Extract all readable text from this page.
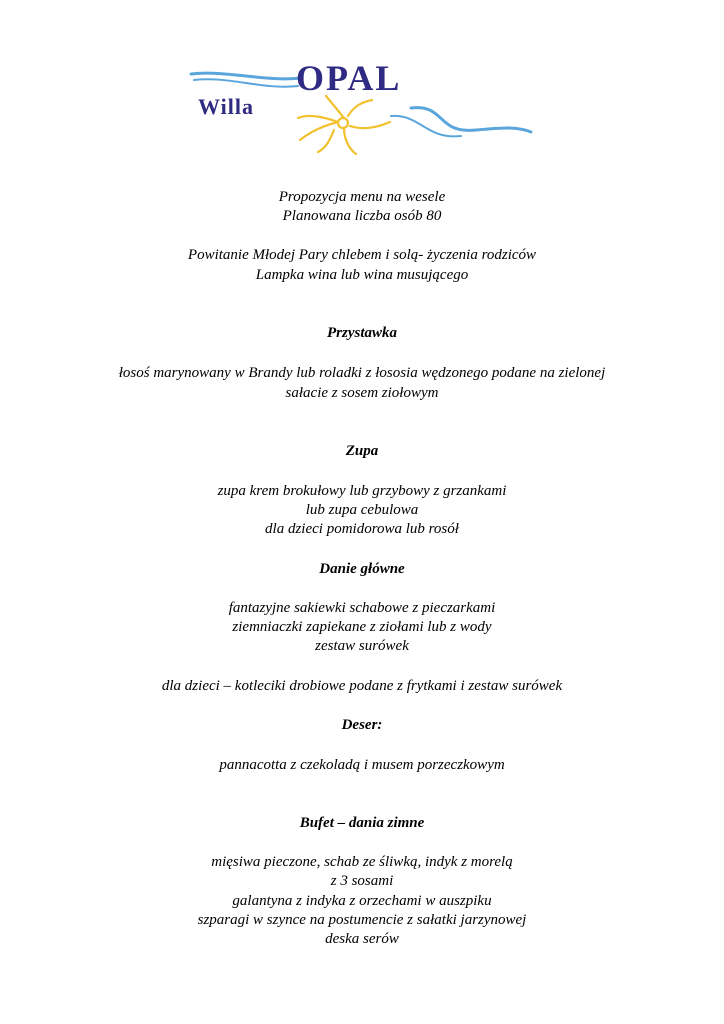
OPAL
Willa
Propozycja menu na wesele
Planowana liczba osób 80
Powitanie Młodej Pary chlebem i solą- życzenia rodziców
Lampka wina lub wina musującego
Przystawka
łosoś marynowany w Brandy lub roladki z łososia wędzonego podane na zielonej
sałacie z sosem ziołowym
Zupa
zupa krem brokułowy lub grzybowy z grzankami
lub zupa cebulowa
dla dzieci pomidorowa lub rosół
Danie główne
fantazyjne sakiewki schabowe z pieczarkami
ziemniaczki zapiekane z ziołami lub z wody
zestaw surówek
dla dzieci – kotleciki drobiowe podane z frytkami i zestaw surówek
Deser:
pannacotta z czekoladą i musem porzeczkowym
Bufet – dania zimne
mięsiwa pieczone, schab ze śliwką, indyk z morelą
z 3 sosami
galantyna z indyka z orzechami w auszpiku
szparagi w szynce na postumencie z sałatki jarzynowej
deska serów
